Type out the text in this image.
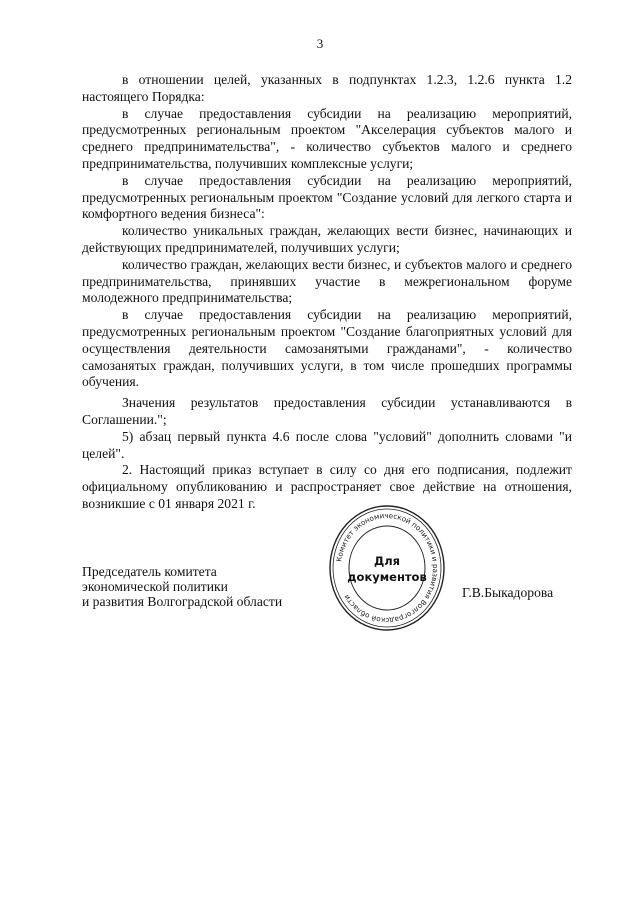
3

в отношении целей, указанных в подпунктах 1.2.3, 1.2.6 пункта 1.2 настоящего Порядка:

в случае предоставления субсидии на реализацию мероприятий, предусмотренных региональным проектом "Акселерация субъектов малого и среднего предпринимательства", - количество субъектов малого и среднего предпринимательства, получивших комплексные услуги;

в случае предоставления субсидии на реализацию мероприятий, предусмотренных региональным проектом "Создание условий для легкого старта и комфортного ведения бизнеса":

количество уникальных граждан, желающих вести бизнес, начинающих и действующих предпринимателей, получивших услуги;

количество граждан, желающих вести бизнес, и субъектов малого и среднего предпринимательства, принявших участие в межрегиональном форуме молодежного предпринимательства;

в случае предоставления субсидии на реализацию мероприятий, предусмотренных региональным проектом "Создание благоприятных условий для осуществления деятельности самозанятыми гражданами", - количество самозанятых граждан, получивших услуги, в том числе прошедших программы обучения.

Значения результатов предоставления субсидии устанавливаются в Соглашении.";

5) абзац первый пункта 4.6 после слова "условий" дополнить словами "и целей".

2. Настоящий приказ вступает в силу со дня его подписания, подлежит официальному опубликованию и распространяет свое действие на отношения, возникшие с 01 января 2021 г.

Председатель комитета
экономической политики
и развития Волгоградской области
Г.В.Быкадорова
Комитет экономической политики и развития Волгоградской области
Для
документов
